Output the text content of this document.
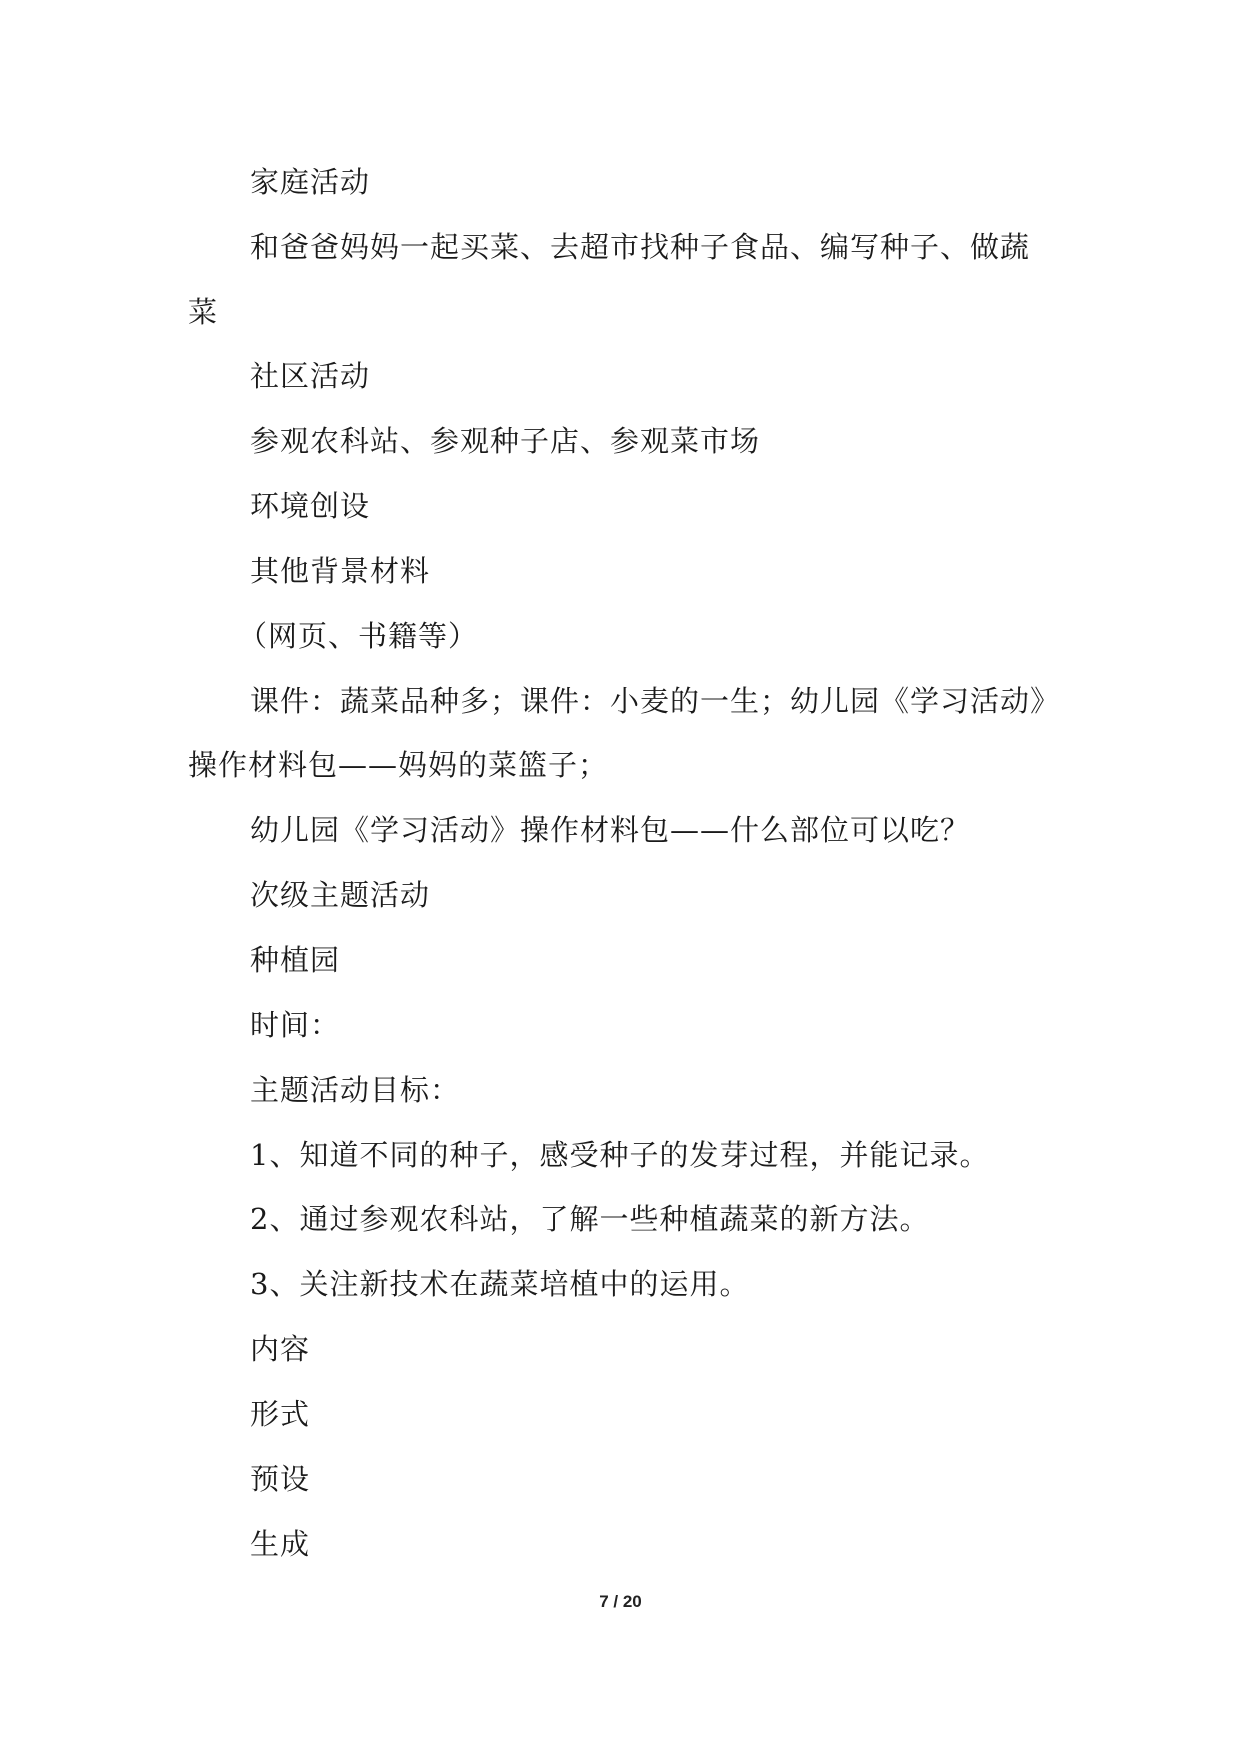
家庭活动
和爸爸妈妈一起买菜、去超市找种子食品、编写种子、做蔬
菜
社区活动
参观农科站、参观种子店、参观菜市场
环境创设
其他背景材料
（网页、书籍等）
课件：蔬菜品种多；课件：小麦的一生；幼儿园《学习活动》
操作材料包——妈妈的菜篮子；
幼儿园《学习活动》操作材料包——什么部位可以吃？
次级主题活动
种植园
时间：
主题活动目标：
1、知道不同的种子，感受种子的发芽过程，并能记录。
2、通过参观农科站，了解一些种植蔬菜的新方法。
3、关注新技术在蔬菜培植中的运用。
内容
形式
预设
生成
7 / 20
